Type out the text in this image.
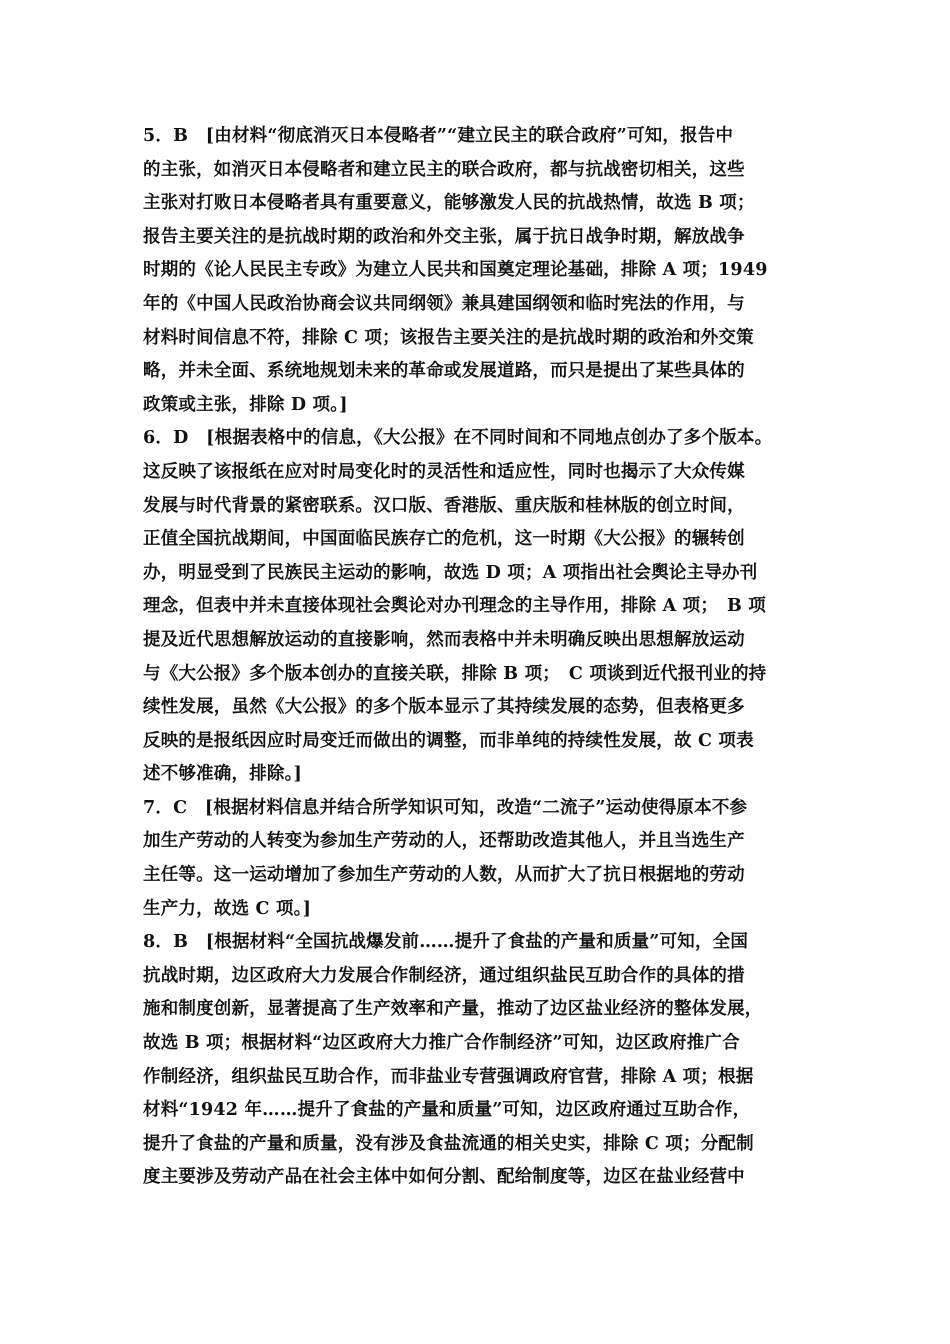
5．B　[由材料“彻底消灭日本侵略者”“建立民主的联合政府”可知，报告中
的主张，如消灭日本侵略者和建立民主的联合政府，都与抗战密切相关，这些
主张对打败日本侵略者具有重要意义，能够激发人民的抗战热情，故选 B 项；
报告主要关注的是抗战时期的政治和外交主张，属于抗日战争时期，解放战争
时期的《论人民民主专政》为建立人民共和国奠定理论基础，排除 A 项；1949
年的《中国人民政治协商会议共同纲领》兼具建国纲领和临时宪法的作用，与
材料时间信息不符，排除 C 项；该报告主要关注的是抗战时期的政治和外交策
略，并未全面、系统地规划未来的革命或发展道路，而只是提出了某些具体的
政策或主张，排除 D 项。]
6．D　[根据表格中的信息，《大公报》在不同时间和不同地点创办了多个版本。
这反映了该报纸在应对时局变化时的灵活性和适应性，同时也揭示了大众传媒
发展与时代背景的紧密联系。汉口版、香港版、重庆版和桂林版的创立时间，
正值全国抗战期间，中国面临民族存亡的危机，这一时期《大公报》的辗转创
办，明显受到了民族民主运动的影响，故选 D 项；A 项指出社会舆论主导办刊
理念，但表中并未直接体现社会舆论对办刊理念的主导作用，排除 A 项；　B 项
提及近代思想解放运动的直接影响，然而表格中并未明确反映出思想解放运动
与《大公报》多个版本创办的直接关联，排除 B 项；　C 项谈到近代报刊业的持
续性发展，虽然《大公报》的多个版本显示了其持续发展的态势，但表格更多
反映的是报纸因应时局变迁而做出的调整，而非单纯的持续性发展，故 C 项表
述不够准确，排除。]
7．C　[根据材料信息并结合所学知识可知，改造“二流子”运动使得原本不参
加生产劳动的人转变为参加生产劳动的人，还帮助改造其他人，并且当选生产
主任等。这一运动增加了参加生产劳动的人数，从而扩大了抗日根据地的劳动
生产力，故选 C 项。]
8．B　[根据材料“全国抗战爆发前……提升了食盐的产量和质量”可知，全国
抗战时期，边区政府大力发展合作制经济，通过组织盐民互助合作的具体的措
施和制度创新，显著提高了生产效率和产量，推动了边区盐业经济的整体发展，
故选 B 项；根据材料“边区政府大力推广合作制经济”可知，边区政府推广合
作制经济，组织盐民互助合作，而非盐业专营强调政府官营，排除 A 项；根据
材料“1942 年……提升了食盐的产量和质量”可知，边区政府通过互助合作，
提升了食盐的产量和质量，没有涉及食盐流通的相关史实，排除 C 项；分配制
度主要涉及劳动产品在社会主体中如何分割、配给制度等，边区在盐业经营中
